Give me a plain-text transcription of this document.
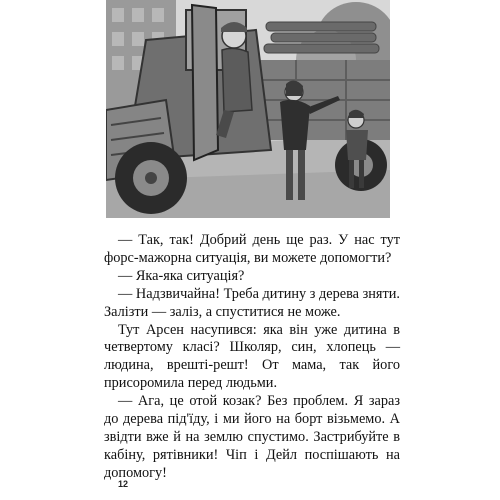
— Так, так! Добрий день ще раз. У нас тут форс-мажорна ситуація, ви можете допомогти?

— Яка-яка ситуація?

— Надзвичайна! Треба дитину з дерева зняти. Залізти — заліз, а спуститися не може.

Тут Арсен насупився: яка він уже дитина в четвертому класі? Школяр, син, хлопець — людина, врешті-решт! От мама, так його присоромила перед людьми.

— Ага, це отой козак? Без проблем. Я зараз до дерева під'їду, і ми його на борт візьмемо. А звідти вже й на землю спустимо. Застрибуйте в кабіну, рятівники! Чіп і Дейл поспішають на допомогу!

12
